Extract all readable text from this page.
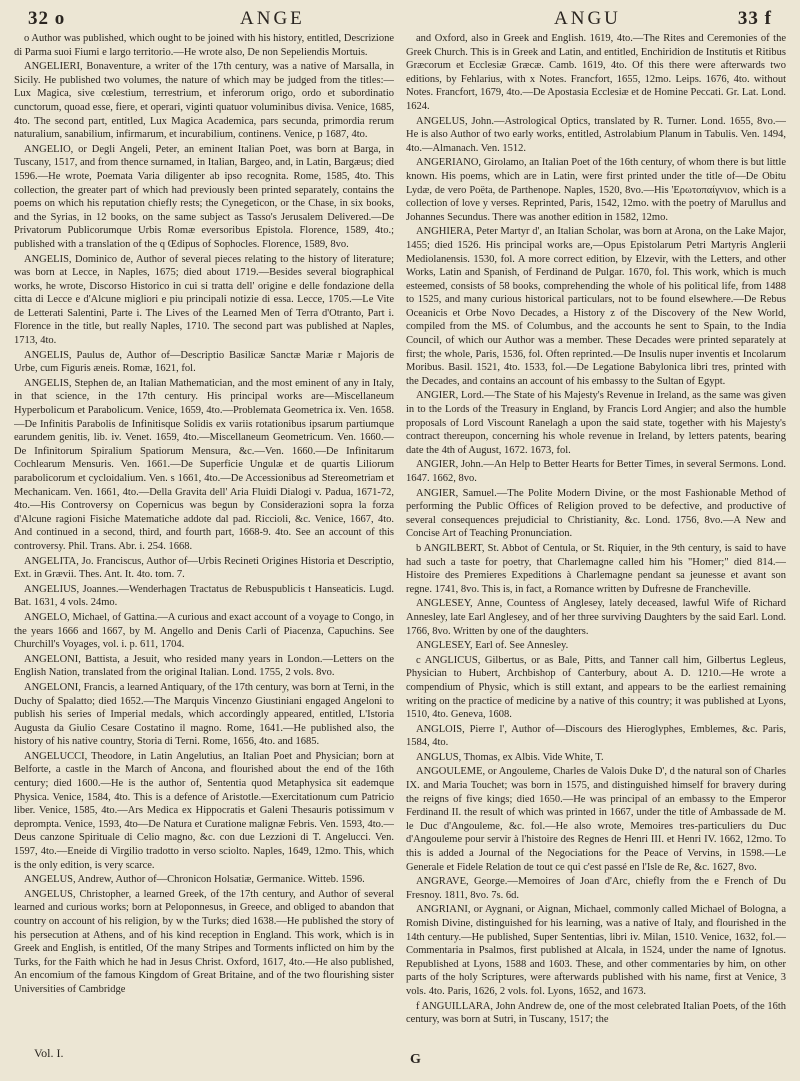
32 o	ANGE	ANGU	33 f

o Author was published, which ought to be joined with his history, entitled, Descrizione di Parma suoi Fiumi e largo territorio.—He wrote also, De non Sepeliendis Mortuis.

ANGELIERI, Bonaventure, a writer of the 17th century, was a native of Marsalla, in Sicily. He published two volumes, the nature of which may be judged from the titles:—Lux Magica, sive cœlestium, terrestrium, et inferorum origo, ordo et subordinatio cunctorum, quoad esse, fiere, et operari, viginti quatuor voluminibus divisa. Venice, 1685, 4to. The second part, entitled, Lux Magica Academica, pars secunda, primordia rerum naturalium, sanabilium, infirmarum, et incurabilium, continens. Venice, p 1687, 4to.

ANGELIO, or Degli Angeli, Peter, an eminent Italian Poet, was born at Barga, in Tuscany, 1517, and from thence surnamed, in Italian, Bargeo, and, in Latin, Bargæus; died 1596.—He wrote, Poemata Varia diligenter ab ipso recognita. Rome, 1585, 4to. This collection, the greater part of which had previously been printed separately, contains the poems on which his reputation chiefly rests; the Cynegeticon, or the Chase, in six books, and the Syrias, in 12 books, on the same subject as Tasso's Jerusalem Delivered.—De Privatorum Publicorumque Urbis Romæ eversoribus Epistola. Florence, 1589, 4to.; published with a translation of the q Œdipus of Sophocles. Florence, 1589, 8vo.

ANGELIS, Dominico de, Author of several pieces relating to the history of literature; was born at Lecce, in Naples, 1675; died about 1719.—Besides several biographical works, he wrote, Discorso Historico in cui si tratta dell' origine e delle fondazione della citta di Lecce e d'Alcune migliori e piu principali notizie di essa. Lecce, 1705.—Le Vite de Letterati Salentini, Parte i. The Lives of the Learned Men of Terra d'Otranto, Part i. Florence in the title, but really Naples, 1710. The second part was published at Naples, 1713, 4to.

ANGELIS, Paulus de, Author of—Descriptio Basilicæ Sanctæ Mariæ r Majoris de Urbe, cum Figuris æneis. Romæ, 1621, fol.

ANGELIS, Stephen de, an Italian Mathematician, and the most eminent of any in Italy, in that science, in the 17th century. His principal works are—Miscellaneum Hyperbolicum et Parabolicum. Venice, 1659, 4to.—Problemata Geometrica ix. Ven. 1658.—De Infinitis Parabolis de Infinitisque Solidis ex variis rotationibus ipsarum partiumque earundem genitis, lib. iv. Venet. 1659, 4to.—Miscellaneum Geometricum. Ven. 1660.—De Infinitorum Spiralium Spatiorum Mensura, &c.—Ven. 1660.—De Infinitarum Cochlearum Mensuris. Ven. 1661.—De Superficie Ungulæ et de quartis Liliorum parabolicorum et cycloidalium. Ven. s 1661, 4to.—De Accessionibus ad Stereometriam et Mechanicam. Ven. 1661, 4to.—Della Gravita dell' Aria Fluidi Dialogi v. Padua, 1671-72, 4to.—His Controversy on Copernicus was begun by Considerazioni sopra la forza d'Alcune ragioni Fisiche Matematiche addote dal pad. Riccioli, &c. Venice, 1667, 4to. And continued in a second, third, and fourth part, 1668-9. 4to. See an account of this controversy. Phil. Trans. Abr. i. 254. 1668.

ANGELITA, Jo. Franciscus, Author of—Urbis Recineti Origines Historia et Descriptio, Ext. in Grævii. Thes. Ant. It. 4to. tom. 7.

ANGELIUS, Joannes.—Wenderhagen Tractatus de Rebuspublicis t Hanseaticis. Lugd. Bat. 1631, 4 vols. 24mo.

ANGELO, Michael, of Gattina.—A curious and exact account of a voyage to Congo, in the years 1666 and 1667, by M. Angello and Denis Carli of Piacenza, Capuchins. See Churchill's Voyages, vol. i. p. 611, 1704.

ANGELONI, Battista, a Jesuit, who resided many years in London.—Letters on the English Nation, translated from the original Italian. Lond. 1755, 2 vols. 8vo.

ANGELONI, Francis, a learned Antiquary, of the 17th century, was born at Terni, in the Duchy of Spalatto; died 1652.—The Marquis Vincenzo Giustiniani engaged Angeloni to publish his series of Imperial medals, which accordingly appeared, entitled, L'Istoria Augusta da Giulio Cesare Costatino il magno. Rome, 1641.—He published also, the history of his native country, Storia di Terni. Rome, 1656, 4to. and 1685.

ANGELUCCI, Theodore, in Latin Angelutius, an Italian Poet and Physician; born at Belforte, a castle in the March of Ancona, and flourished about the end of the 16th century; died 1600.—He is the author of, Sententia quod Metaphysica sit eademque Physica. Venice, 1584, 4to. This is a defence of Aristotle.—Exercitationum cum Patricio liber. Venice, 1585, 4to.—Ars Medica ex Hippocratis et Galeni Thesauris potissimum v deprompta. Venice, 1593, 4to—De Natura et Curatione malignæ Febris. Ven. 1593, 4to.—Deus canzone Spirituale di Celio magno, &c. con due Lezzioni di T. Angelucci. Ven. 1597, 4to.—Eneide di Virgilio tradotto in verso sciolto. Naples, 1649, 12mo. This, which is the only edition, is very scarce.

ANGELUS, Andrew, Author of—Chronicon Holsatiæ, Germanice. Witteb. 1596.

ANGELUS, Christopher, a learned Greek, of the 17th century, and Author of several learned and curious works; born at Peloponnesus, in Greece, and obliged to abandon that country on account of his religion, by w the Turks; died 1638.—He published the story of his persecution at Athens, and of his kind reception in England. This work, which is in Greek and English, is entitled, Of the many Stripes and Torments inflicted on him by the Turks, for the Faith which he had in Jesus Christ. Oxford, 1617, 4to.—He also published, An encomium of the famous Kingdom of Great Britaine, and of the two flourishing sister Universities of Cambridge

and Oxford, also in Greek and English. 1619, 4to.—The Rites and Ceremonies of the Greek Church. This is in Greek and Latin, and entitled, Enchiridion de Institutis et Ritibus Græcorum et Ecclesiæ Græcæ. Camb. 1619, 4to. Of this there were afterwards two editions, by Fehlarius, with x Notes. Francfort, 1655, 12mo. Leips. 1676, 4to. without Notes. Francfort, 1679, 4to.—De Apostasia Ecclesiæ et de Homine Peccati. Gr. Lat. Lond. 1624.

ANGELUS, John.—Astrological Optics, translated by R. Turner. Lond. 1655, 8vo.—He is also Author of two early works, entitled, Astrolabium Planum in Tabulis. Ven. 1494, 4to.—Almanach. Ven. 1512.

ANGERIANO, Girolamo, an Italian Poet of the 16th century, of whom there is but little known. His poems, which are in Latin, were first printed under the title of—De Obitu Lydæ, de vero Poëta, de Parthenope. Naples, 1520, 8vo.—His 'Ερωτοπαίγνιον, which is a collection of love y verses. Reprinted, Paris, 1542, 12mo. with the poetry of Marullus and Johannes Secundus. There was another edition in 1582, 12mo.

ANGHIERA, Peter Martyr d', an Italian Scholar, was born at Arona, on the Lake Major, 1455; died 1526. His principal works are,—Opus Epistolarum Petri Martyris Anglerii Mediolanensis. 1530, fol. A more correct edition, by Elzevir, with the Letters, and other Works, Latin and Spanish, of Ferdinand de Pulgar. 1670, fol. This work, which is much esteemed, consists of 58 books, comprehending the whole of his political life, from 1488 to 1525, and many curious historical particulars, not to be found elsewhere.—De Rebus Oceanicis et Orbe Novo Decades, a History z of the Discovery of the New World, compiled from the MS. of Columbus, and the accounts he sent to Spain, to the India Council, of which our Author was a member. These Decades were printed separately at first; the whole, Paris, 1536, fol. Often reprinted.—De Insulis nuper inventis et Incolarum Moribus. Basil. 1521, 4to. 1533, fol.—De Legatione Babylonica libri tres, printed with the Decades, and contains an account of his embassy to the Sultan of Egypt.

ANGIER, Lord.—The State of his Majesty's Revenue in Ireland, as the same was given in to the Lords of the Treasury in England, by Francis Lord Angier; and also the humble proposals of Lord Viscount Ranelagh a upon the said state, together with his Majesty's contract thereupon, concerning his whole revenue in Ireland, by letters patents, bearing date the 4th of August, 1672. 1673, fol.

ANGIER, John.—An Help to Better Hearts for Better Times, in several Sermons. Lond. 1647. 1662, 8vo.

ANGIER, Samuel.—The Polite Modern Divine, or the most Fashionable Method of performing the Public Offices of Religion proved to be defective, and productive of several consequences prejudicial to Christianity, &c. Lond. 1756, 8vo.—A New and Concise Art of Teaching Pronunciation.

b ANGILBERT, St. Abbot of Centula, or St. Riquier, in the 9th century, is said to have had such a taste for poetry, that Charlemagne called him his "Homer;" died 814.—Histoire des Premieres Expeditions à Charlemagne pendant sa jeunesse et avant son regne. 1741, 8vo. This is, in fact, a Romance written by Dufresne de Francheville.

ANGLESEY, Anne, Countess of Anglesey, lately deceased, lawful Wife of Richard Annesley, late Earl Anglesey, and of her three surviving Daughters by the said Earl. Lond. 1766, 8vo. Written by one of the daughters.

ANGLESEY, Earl of. See Annesley.

c ANGLICUS, Gilbertus, or as Bale, Pitts, and Tanner call him, Gilbertus Legleus, Physician to Hubert, Archbishop of Canterbury, about A. D. 1210.—He wrote a compendium of Physic, which is still extant, and appears to be the earliest remaining writing on the practice of medicine by a native of this country; it was published at Lyons, 1510, 4to. Geneva, 1608.

ANGLOIS, Pierre l', Author of—Discours des Hieroglyphes, Emblemes, &c. Paris, 1584, 4to.

ANGLUS, Thomas, ex Albis. Vide White, T.

ANGOULEME, or Angouleme, Charles de Valois Duke D', d the natural son of Charles IX. and Maria Touchet; was born in 1575, and distinguished himself for bravery during the reigns of five kings; died 1650.—He was principal of an embassy to the Emperor Ferdinand II. the result of which was printed in 1667, under the title of Ambassade de M. le Duc d'Angouleme, &c. fol.—He also wrote, Memoires tres-particuliers du Duc d'Angouleme pour servir à l'histoire des Regnes de Henri III. et Henri IV. 1662, 12mo. To this is added a Journal of the Negociations for the Peace of Vervins, in 1598.—Le Generale et Fidele Relation de tout ce qui c'est passé en l'Isle de Re, &c. 1627, 8vo.

ANGRAVE, George.—Memoires of Joan d'Arc, chiefly from the e French of Du Fresnoy. 1811, 8vo. 7s. 6d.

ANGRIANI, or Aygnani, or Aignan, Michael, commonly called Michael of Bologna, a Romish Divine, distinguished for his learning, was a native of Italy, and flourished in the 14th century.—He published, Super Sententias, libri iv. Milan, 1510. Venice, 1632, fol.—Commentaria in Psalmos, first published at Alcala, in 1524, under the name of Ignotus. Republished at Lyons, 1588 and 1603. These, and other commentaries by him, on other parts of the holy Scriptures, were afterwards published with his name, first at Venice, 3 vols. 4to. Paris, 1626, 2 vols. fol. Lyons, 1652, and 1673.

f ANGUILLARA, John Andrew de, one of the most celebrated Italian Poets, of the 16th century, was born at Sutri, in Tuscany, 1517; the

Vol. I.	G
